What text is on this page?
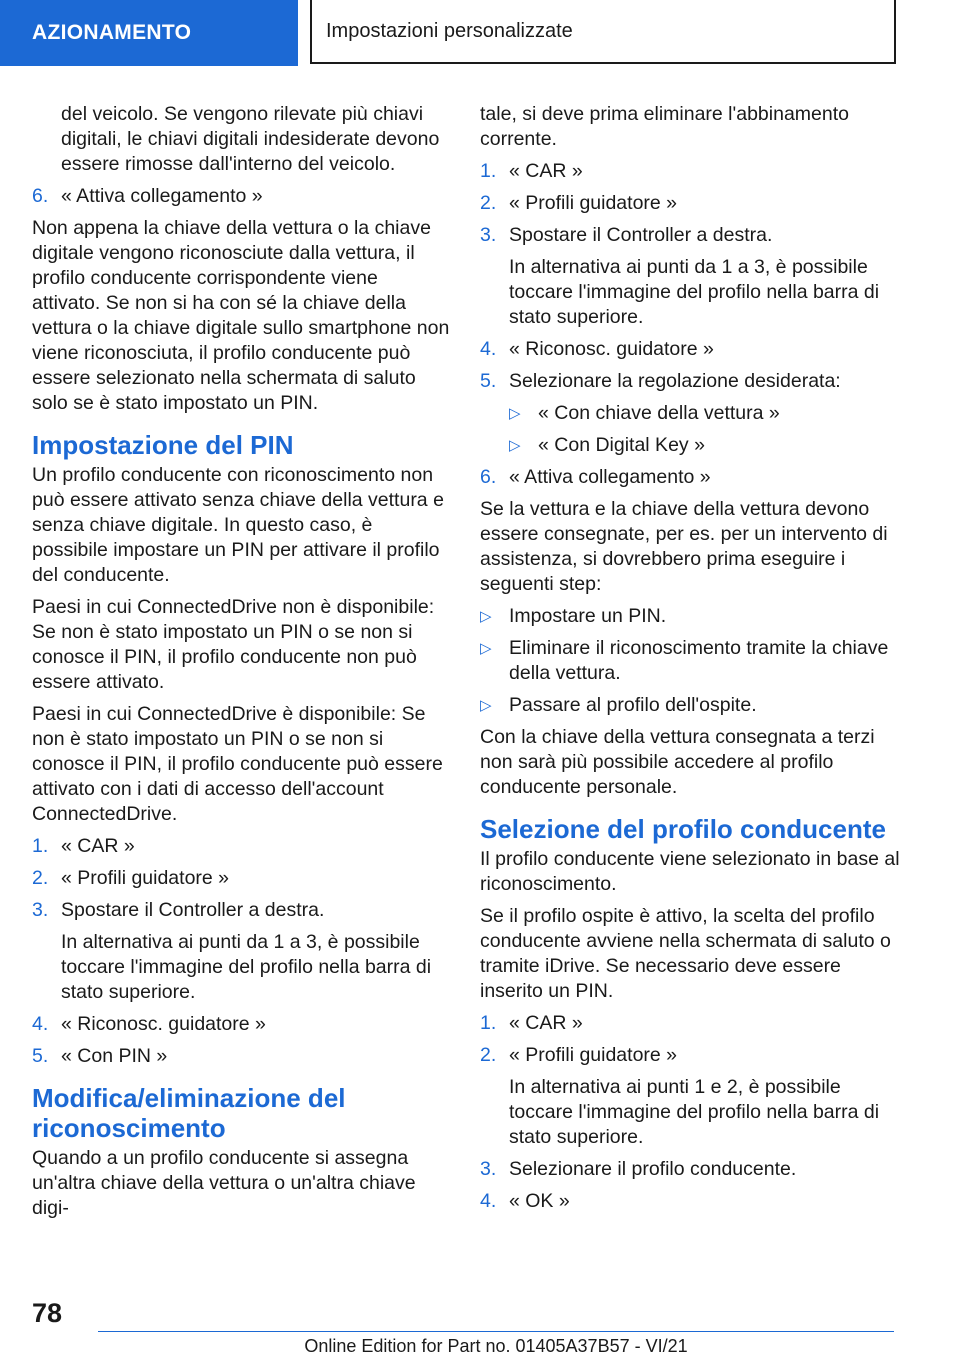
AZIONAMENTO	Impostazioni personalizzate

del veicolo. Se vengono rilevate più chiavi digitali, le chiavi digitali indesiderate devono essere rimosse dall'interno del veicolo.

6. « Attiva collegamento »

Non appena la chiave della vettura o la chiave digitale vengono riconosciute dalla vettura, il profilo conducente corrispondente viene attivato. Se non si ha con sé la chiave della vettura o la chiave digitale sullo smartphone non viene riconosciuta, il profilo conducente può essere selezionato nella schermata di saluto solo se è stato impostato un PIN.

Impostazione del PIN

Un profilo conducente con riconoscimento non può essere attivato senza chiave della vettura e senza chiave digitale. In questo caso, è possibile impostare un PIN per attivare il profilo del conducente.

Paesi in cui ConnectedDrive non è disponibile: Se non è stato impostato un PIN o se non si conosce il PIN, il profilo conducente non può essere attivato.

Paesi in cui ConnectedDrive è disponibile: Se non è stato impostato un PIN o se non si conosce il PIN, il profilo conducente può essere attivato con i dati di accesso dell'account ConnectedDrive.

1. « CAR »
2. « Profili guidatore »
3. Spostare il Controller a destra.

In alternativa ai punti da 1 a 3, è possibile toccare l'immagine del profilo nella barra di stato superiore.

4. « Riconosc. guidatore »
5. « Con PIN »
Modifica/eliminazione del riconoscimento

Quando a un profilo conducente si assegna un'altra chiave della vettura o un'altra chiave digi-

tale, si deve prima eliminare l'abbinamento corrente.

1. « CAR »
2. « Profili guidatore »
3. Spostare il Controller a destra.

In alternativa ai punti da 1 a 3, è possibile toccare l'immagine del profilo nella barra di stato superiore.

4. « Riconosc. guidatore »
5. Selezionare la regolazione desiderata:
▷ « Con chiave della vettura »
▷ « Con Digital Key »
6. « Attiva collegamento »

Se la vettura e la chiave della vettura devono essere consegnate, per es. per un intervento di assistenza, si dovrebbero prima eseguire i seguenti step:

▷ Impostare un PIN.
▷ Eliminare il riconoscimento tramite la chiave della vettura.
▷ Passare al profilo dell'ospite.

Con la chiave della vettura consegnata a terzi non sarà più possibile accedere al profilo conducente personale.

Selezione del profilo conducente

Il profilo conducente viene selezionato in base al riconoscimento.

Se il profilo ospite è attivo, la scelta del profilo conducente avviene nella schermata di saluto o tramite iDrive. Se necessario deve essere inserito un PIN.

1. « CAR »
2. « Profili guidatore »

In alternativa ai punti 1 e 2, è possibile toccare l'immagine del profilo nella barra di stato superiore.

3. Selezionare il profilo conducente.
4. « OK »
78
Online Edition for Part no. 01405A37B57 - VI/21
